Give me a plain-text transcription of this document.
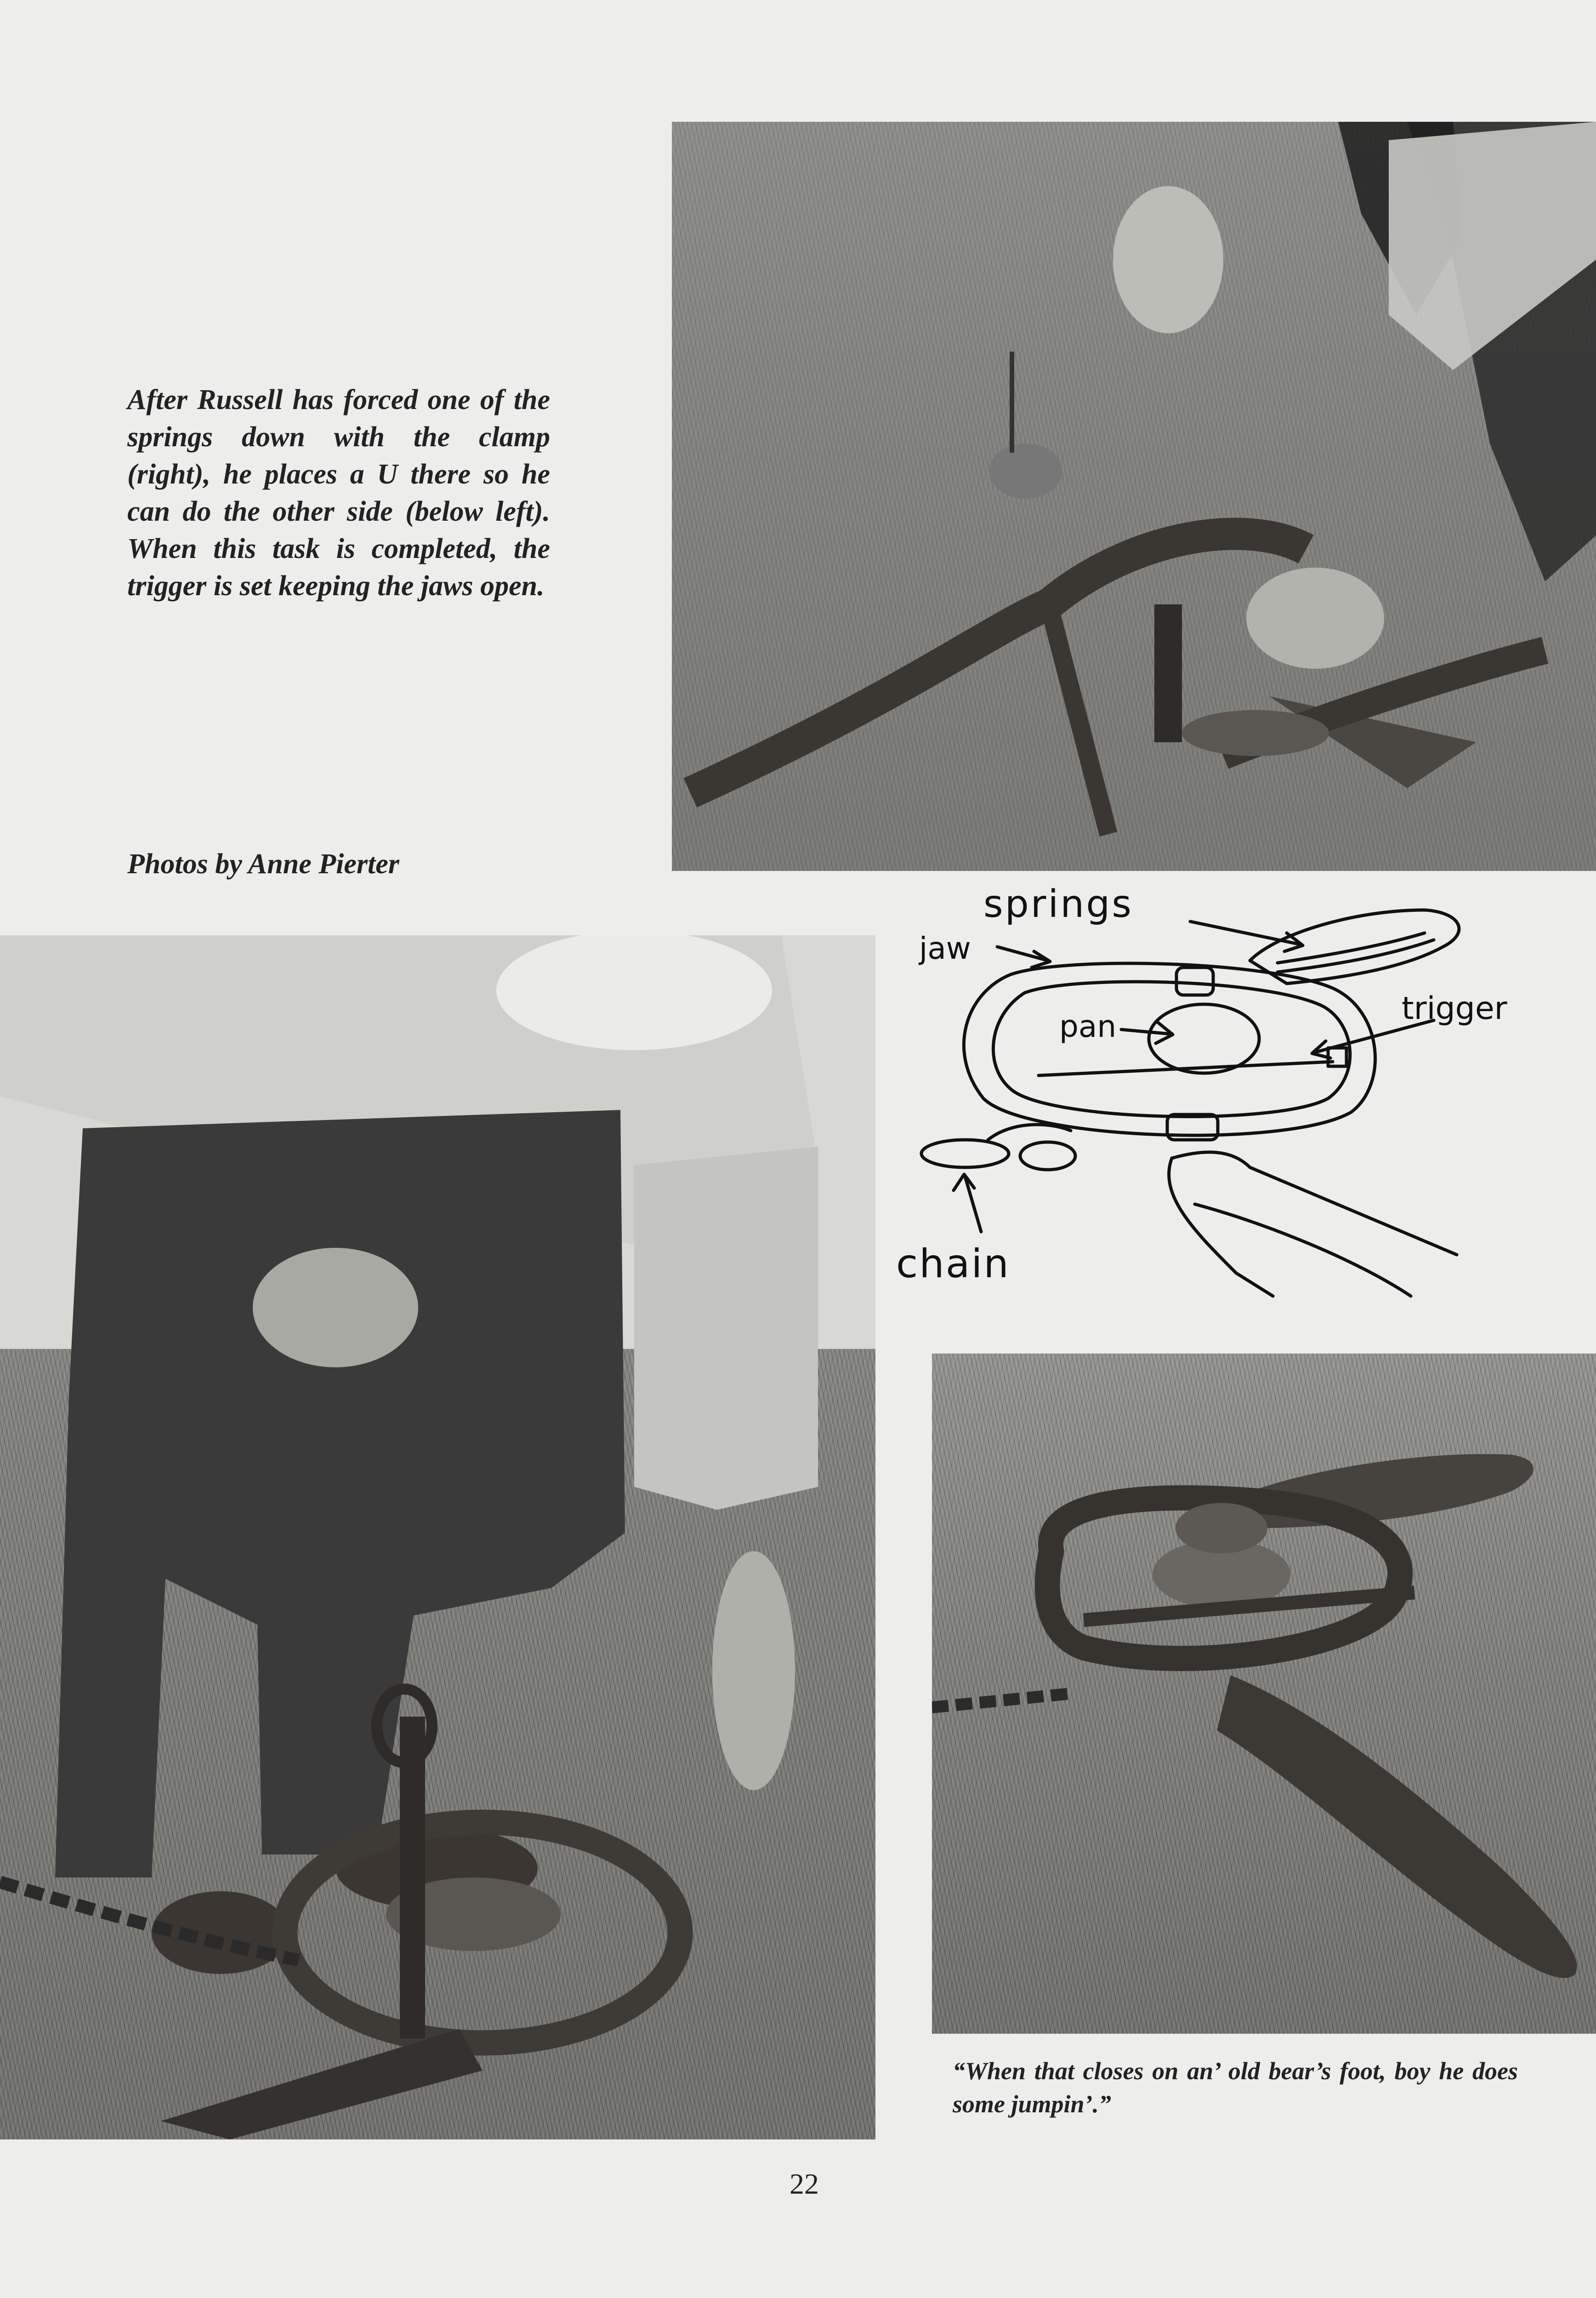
After Russell has forced one of the springs down with the clamp (right), he places a U there so he can do the other side (below left). When this task is completed, the trigger is set keeping the jaws open.
Photos by Anne Pierter
springs
jaw
pan	trigger
chain
“When that closes on an’ old bear’s foot, boy he does some jumpin’.”
22
